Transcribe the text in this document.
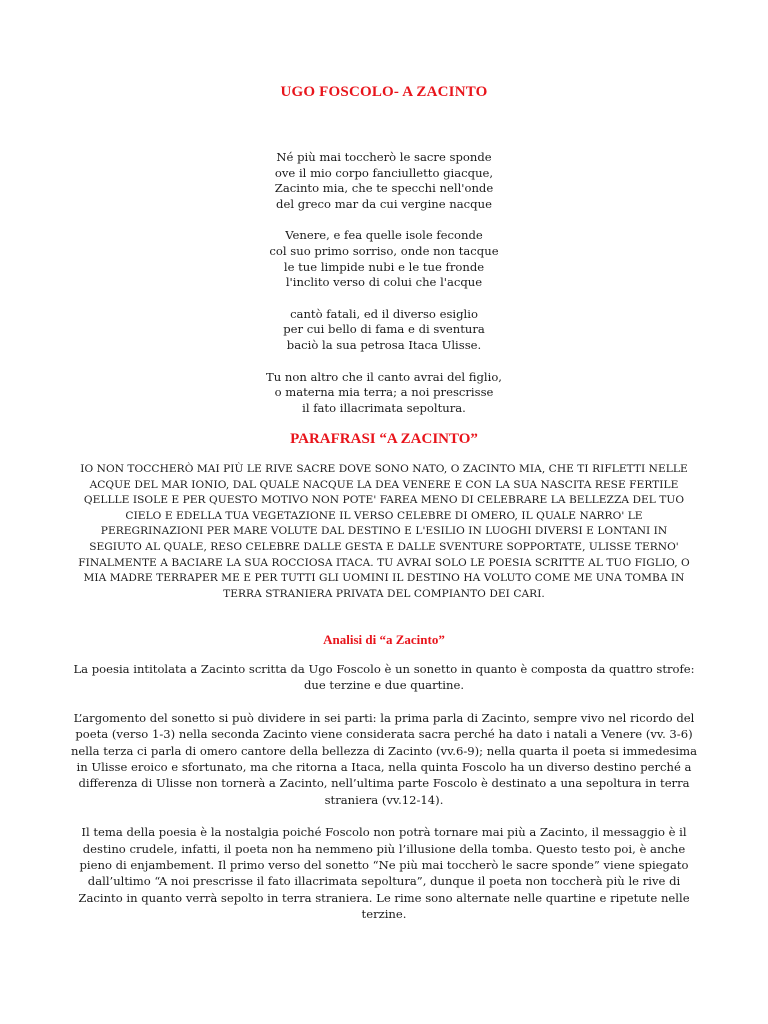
UGO FOSCOLO- A ZACINTO
Né più mai toccherò le sacre sponde
ove il mio corpo fanciulletto giacque,
Zacinto mia, che te specchi nell'onde
del greco mar da cui vergine nacque
Venere, e fea quelle isole feconde
col suo primo sorriso, onde non tacque
le tue limpide nubi e le tue fronde
l'inclito verso di colui che l'acque
cantò fatali, ed il diverso esiglio
per cui bello di fama e di sventura
baciò la sua petrosa Itaca Ulisse.
Tu non altro che il canto avrai del figlio,
o materna mia terra; a noi prescrisse
il fato illacrimata sepoltura.
PARAFRASI “A ZACINTO”

IO NON TOCCHERÒ MAI PIÙ LE RIVE SACRE DOVE SONO NATO, O ZACINTO MIA, CHE TI RIFLETTI NELLE ACQUE DEL MAR IONIO, DAL QUALE NACQUE LA DEA VENERE E CON LA SUA NASCITA RESE FERTILE QELLLE ISOLE E PER QUESTO MOTIVO NON POTE' FAREA MENO DI CELEBRARE LA BELLEZZA DEL TUO CIELO E EDELLA TUA VEGETAZIONE IL VERSO CELEBRE DI OMERO, IL QUALE NARRO' LE PEREGRINAZIONI PER MARE VOLUTE DAL DESTINO E L'ESILIO IN LUOGHI DIVERSI E LONTANI IN SEGIUTO AL QUALE, RESO CELEBRE DALLE GESTA E DALLE SVENTURE SOPPORTATE, ULISSE TERNO' FINALMENTE A BACIARE LA SUA ROCCIOSA ITACA. TU AVRAI SOLO LE POESIA SCRITTE AL TUO FIGLIO, O MIA MADRE TERRAPER ME E PER TUTTI GLI UOMINI IL DESTINO HA VOLUTO COME ME UNA TOMBA IN TERRA STRANIERA PRIVATA DEL COMPIANTO DEI CARI.

Analisi di “a Zacinto”

La poesia intitolata a Zacinto scritta da Ugo Foscolo è un sonetto in quanto è composta da quattro strofe: due terzine e due quartine.

L’argomento del sonetto si può dividere in sei parti: la prima parla di Zacinto, sempre vivo nel ricordo del poeta (verso 1-3) nella seconda Zacinto viene considerata sacra perché ha dato i natali a Venere (vv. 3-6) nella terza ci parla di omero cantore della bellezza di Zacinto (vv.6-9); nella quarta il poeta si immedesima in Ulisse eroico e sfortunato, ma che ritorna a Itaca, nella quinta Foscolo ha un diverso destino perché a differenza di Ulisse non tornerà a Zacinto, nell’ultima parte Foscolo è destinato a una sepoltura in terra straniera (vv.12-14).

Il tema della poesia è la nostalgia poiché Foscolo non potrà tornare mai più a Zacinto, il messaggio è il destino crudele, infatti, il poeta non ha nemmeno più l’illusione della tomba. Questo testo poi, è anche pieno di enjambement. Il primo verso del sonetto “Ne più mai toccherò le sacre sponde” viene spiegato dall’ultimo “A noi prescrisse il fato illacrimata sepoltura”, dunque il poeta non toccherà più le rive di Zacinto in quanto verrà sepolto in terra straniera. Le rime sono alternate nelle quartine e ripetute nelle terzine.
